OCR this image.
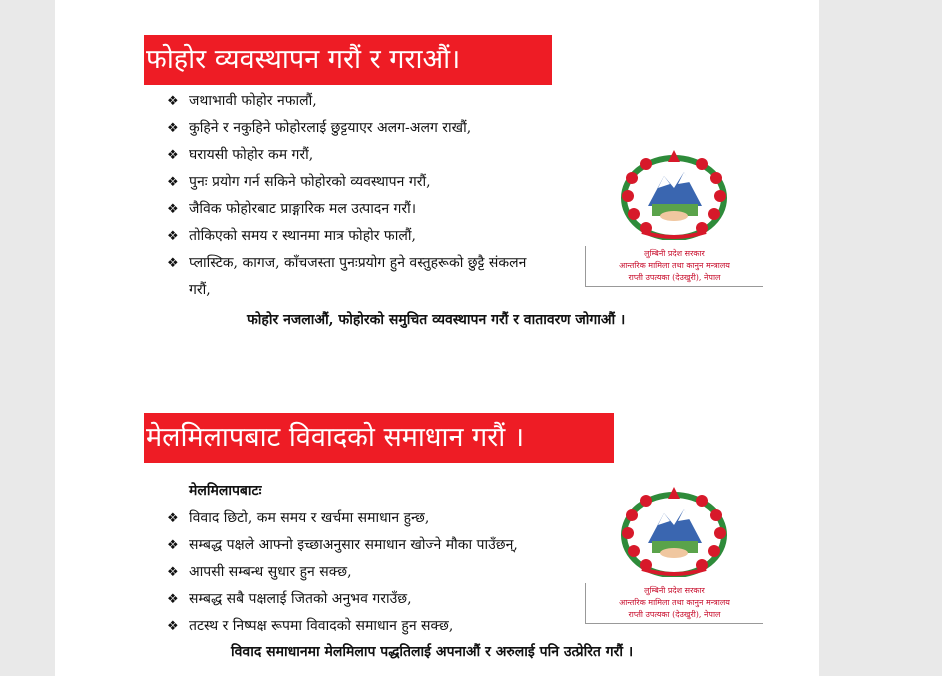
फोहोर व्यवस्थापन गरौं र गराऔं।
❖ जथाभावी फोहोर नफालौं,
❖ कुहिने र नकुहिने फोहोरलाई छुट्टयाएर अलग-अलग राखौं,
❖ घरायसी फोहोर कम गरौं,
❖ पुनः प्रयोग गर्न सकिने फोहोरको व्यवस्थापन गरौं,
❖ जैविक फोहोरबाट प्राङ्गारिक मल उत्पादन गरौं।
❖ तोकिएको समय र स्थानमा मात्र फोहोर फालौं,
❖ प्लास्टिक, कागज, काँचजस्ता पुनःप्रयोग हुने वस्तुहरूको छुट्टै संकलन गरौं,
फोहोर नजलाऔं, फोहोरको समुचित व्यवस्थापन गरौं र वातावरण जोगाऔं ।
लुम्बिनी प्रदेश सरकार
आन्तरिक मामिला तथा कानुन मन्त्रालय
राप्ती उपत्यका (देउखुरी), नेपाल
मेलमिलापबाट विवादको समाधान गरौं ।
मेलमिलापबाटः
❖ विवाद छिटो, कम समय र खर्चमा समाधान हुन्छ,
❖ सम्बद्ध पक्षले आफ्नो इच्छाअनुसार समाधान खोज्ने मौका पाउँछन्,
❖ आपसी सम्बन्ध सुधार हुन सक्छ,
❖ सम्बद्ध सबै पक्षलाई जितको अनुभव गराउँछ,
❖ तटस्थ र निष्पक्ष रूपमा विवादको समाधान हुन सक्छ,
विवाद समाधानमा मेलमिलाप पद्धतिलाई अपनाऔं र अरुलाई पनि उत्प्रेरित गरौं ।
लुम्बिनी प्रदेश सरकार
आन्तरिक मामिला तथा कानुन मन्त्रालय
राप्ती उपत्यका (देउखुरी), नेपाल
